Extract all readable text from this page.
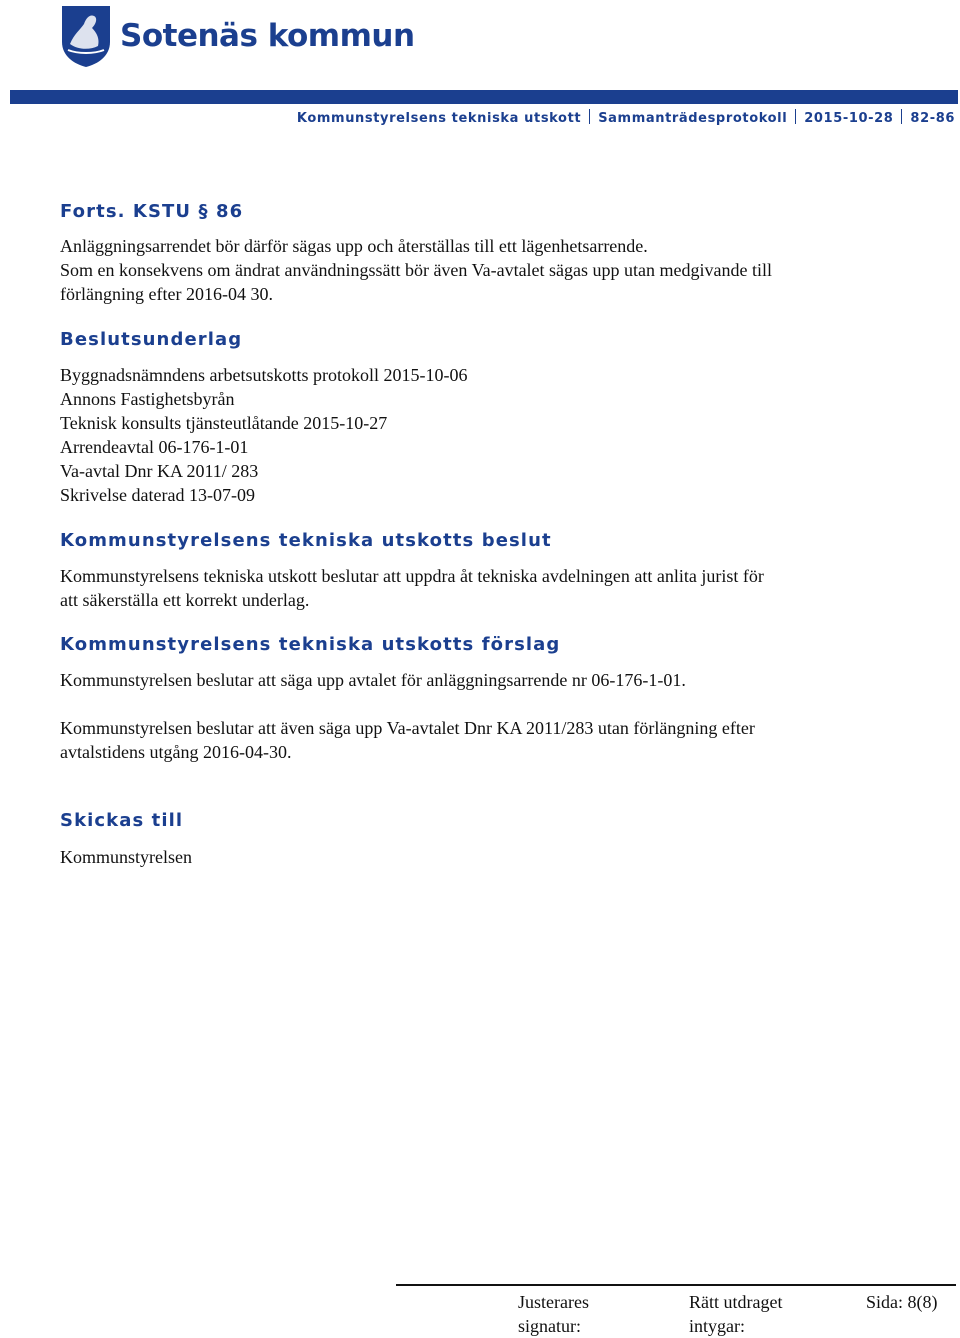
Sotenäs kommun
Kommunstyrelsens tekniska utskott Sammanträdesprotokoll 2015-10-28 82-86
Forts. KSTU § 86
Anläggningsarrendet bör därför sägas upp och återställas till ett lägenhetsarrende.
Som en konsekvens om ändrat användningssätt bör även Va-avtalet sägas upp utan medgivande till
förlängning efter 2016-04 30.
Beslutsunderlag
Byggnadsnämndens arbetsutskotts protokoll 2015-10-06
Annons Fastighetsbyrån
Teknisk konsults tjänsteutlåtande 2015-10-27
Arrendeavtal 06-176-1-01
Va-avtal Dnr KA 2011/ 283
Skrivelse daterad 13-07-09
Kommunstyrelsens tekniska utskotts beslut
Kommunstyrelsens tekniska utskott beslutar att uppdra åt tekniska avdelningen att anlita jurist för
att säkerställa ett korrekt underlag.
Kommunstyrelsens tekniska utskotts förslag
Kommunstyrelsen beslutar att säga upp avtalet för anläggningsarrende nr 06-176-1-01.
Kommunstyrelsen beslutar att även säga upp Va-avtalet Dnr KA 2011/283 utan förlängning efter
avtalstidens utgång 2016-04-30.
Skickas till
Kommunstyrelsen
Justerares
signatur:
Rätt utdraget
intygar:
Sida: 8(8)
